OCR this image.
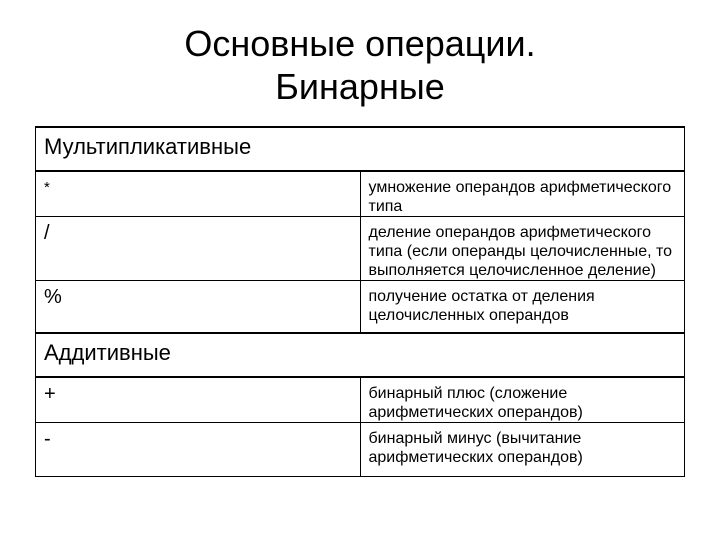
Основные операции.
Бинарные
Мультипликативные	
*	умножение операндов арифметического типа
/	деление операндов арифметического типа (если операнды целочисленные, то выполняется целочисленное деление)
%	получение остатка от деления целочисленных операндов
Аддитивные	
+	бинарный плюс (сложение арифметических операндов)
-	бинарный минус (вычитание арифметических операндов)
